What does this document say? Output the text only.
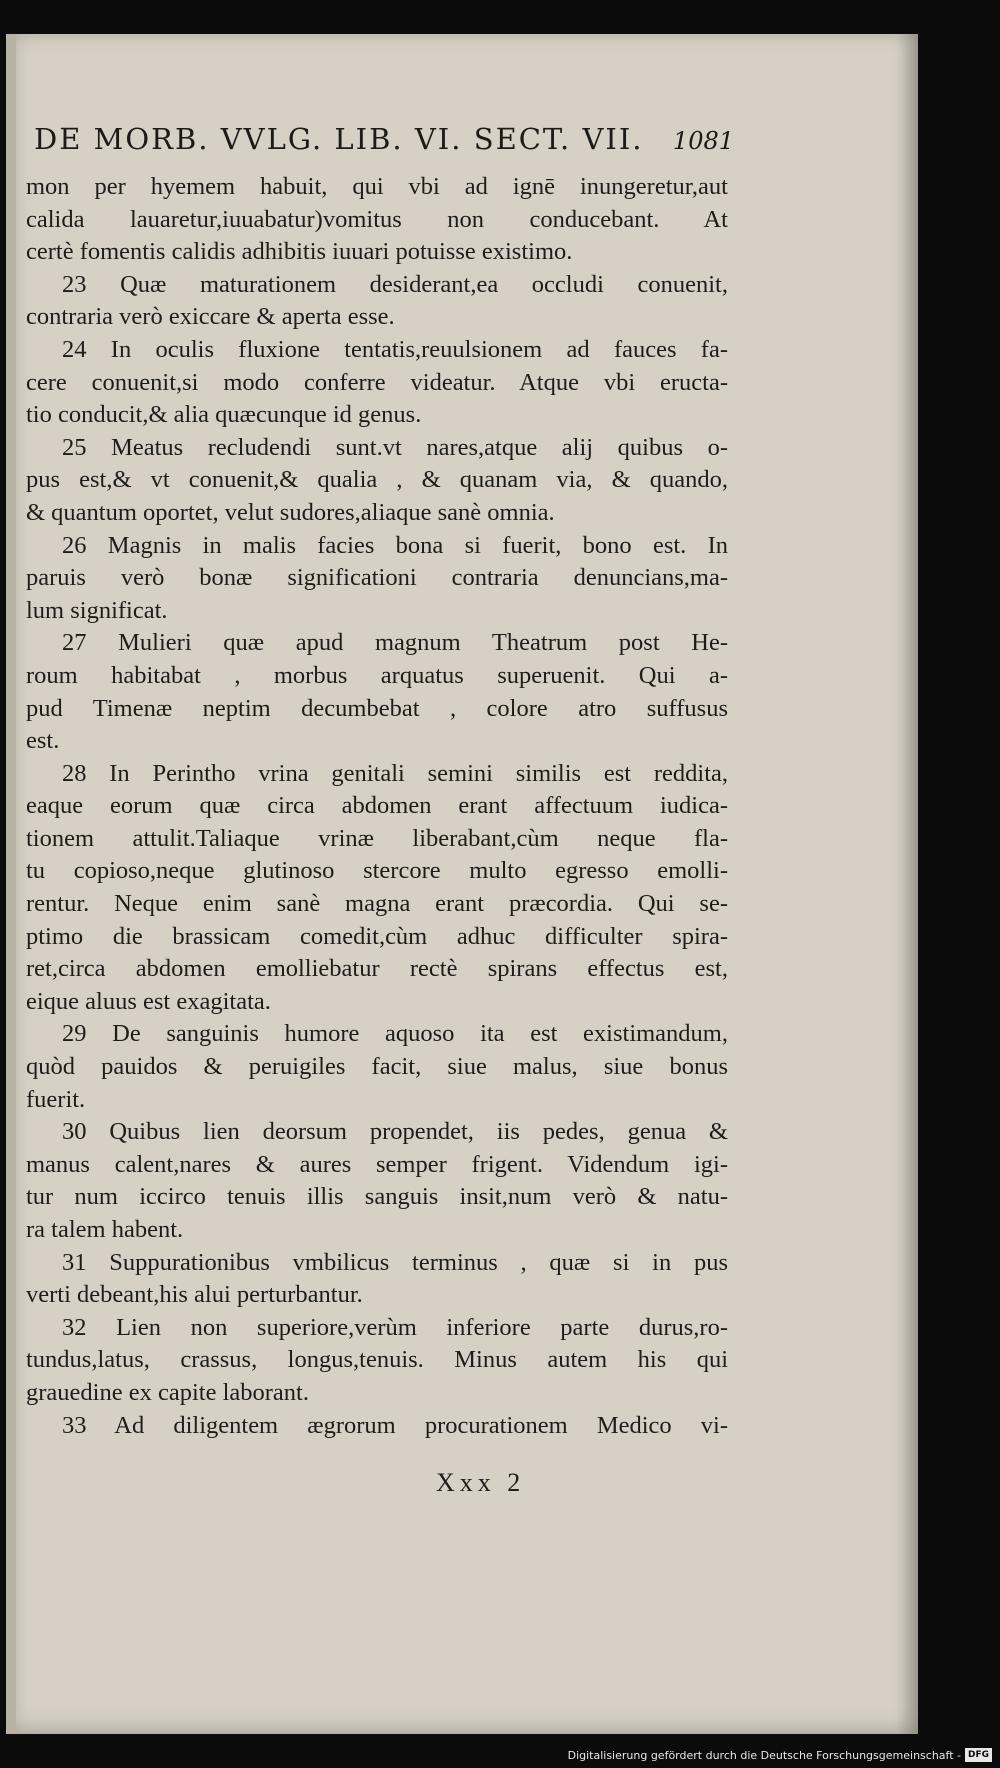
DE MORB. VVLG. LIB. VI. SECT. VII. 1081
mon per hyemem habuit, qui vbi ad ignē inungeretur,aut
calida lauaretur,iuuabatur)vomitus non conducebant. At
certè fomentis calidis adhibitis iuuari potuisse existimo.
23 Quæ maturationem desiderant,ea occludi conuenit,
contraria verò exiccare & aperta esse.
24 In oculis fluxione tentatis,reuulsionem ad fauces fa-
cere conuenit,si modo conferre videatur. Atque vbi eructa-
tio conducit,& alia quæcunque id genus.
25 Meatus recludendi sunt.vt nares,atque alij quibus o-
pus est,& vt conuenit,& qualia , & quanam via, & quando,
& quantum oportet, velut sudores,aliaque sanè omnia.
26 Magnis in malis facies bona si fuerit, bono est. In
paruis verò bonæ significationi contraria denuncians,ma-
lum significat.
27 Mulieri quæ apud magnum Theatrum post He-
roum habitabat , morbus arquatus superuenit. Qui a-
pud Timenæ neptim decumbebat , colore atro suffusus
est.
28 In Perintho vrina genitali semini similis est reddita,
eaque eorum quæ circa abdomen erant affectuum iudica-
tionem attulit.Taliaque vrinæ liberabant,cùm neque fla-
tu copioso,neque glutinoso stercore multo egresso emolli-
rentur. Neque enim sanè magna erant præcordia. Qui se-
ptimo die brassicam comedit,cùm adhuc difficulter spira-
ret,circa abdomen emolliebatur rectè spirans effectus est,
eique aluus est exagitata.
29 De sanguinis humore aquoso ita est existimandum,
quòd pauidos & peruigiles facit, siue malus, siue bonus
fuerit.
30 Quibus lien deorsum propendet, iis pedes, genua &
manus calent,nares & aures semper frigent. Videndum igi-
tur num iccirco tenuis illis sanguis insit,num verò & natu-
ra talem habent.
31 Suppurationibus vmbilicus terminus , quæ si in pus
verti debeant,his alui perturbantur.
32 Lien non superiore,verùm inferiore parte durus,ro-
tundus,latus, crassus, longus,tenuis. Minus autem his qui
grauedine ex capite laborant.
33 Ad diligentem ægrorum procurationem Medico vi-
Xxx 2
Digitalisierung gefördert durch die Deutsche Forschungsgemeinschaft - DFG
